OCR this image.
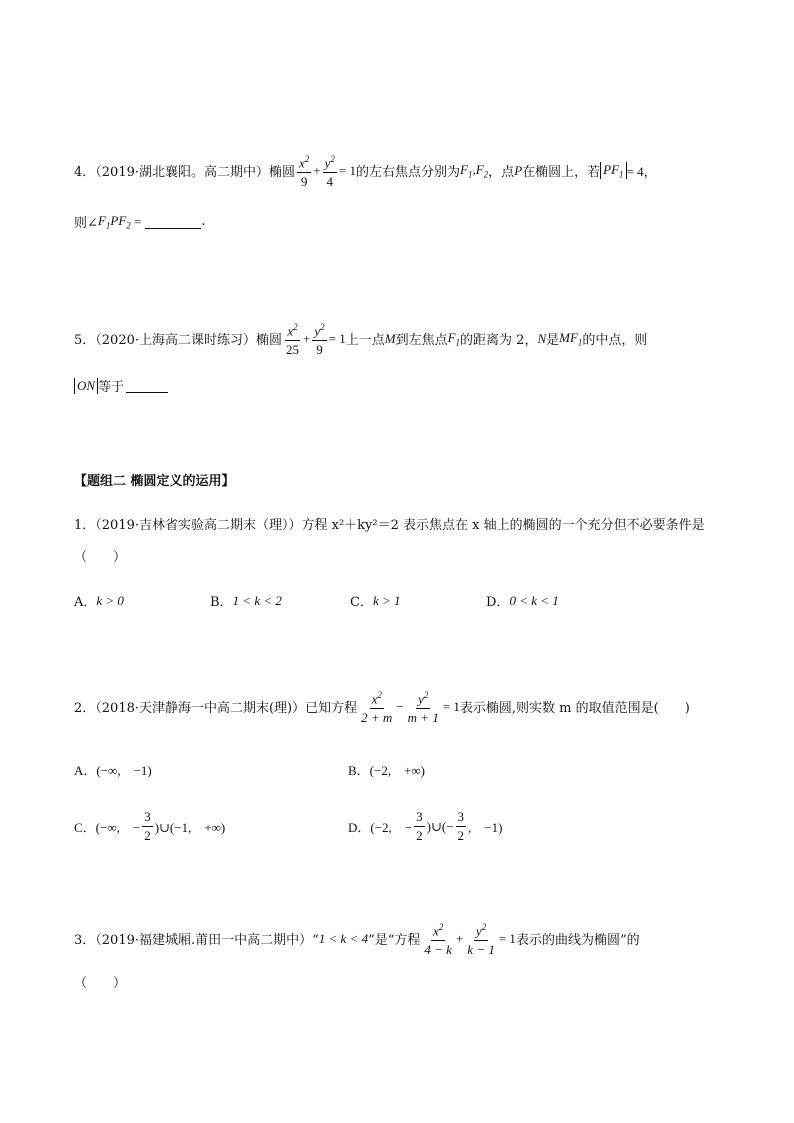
4．（2019·湖北襄阳。高二期中）椭圆 $\frac{x^2}{9} + \frac{y^2}{4} = 1$ 的左右焦点分别为 $F_1,F_2$ ，点 P 在椭圆上，若 $PF_1 = 4$，
则∠ $F_1PF_2$ =	.
5．（2020·上海高二课时练习）椭圆 $\frac{x^2}{25} + \frac{y^2}{9} = 1$ 上一点 M 到左焦点 $F_1$ 的距离为 2， N 是 $MF_1$ 的中点，则
ON 等于
【题组二 椭圆定义的运用】
1．（2019·吉林省实验高二期末（理））方程 x²＋ky²＝2 表示焦点在 x 轴上的椭圆的一个充分但不必要条件是
（　　）
A． k > 0	B． 1 < k < 2	C． k > 1	D． 0 < k < 1
2．（2018·天津静海一中高二期末(理)）已知方程 $\frac{x^2}{2 + m} - \frac{y^2}{m + 1} = 1$ 表示椭圆,则实数 m 的取值范围是(　　)
A．(−∞,　−1)	B．(−2,　+∞)
C．(−∞,　− $\frac{3}{2}$ )∪(−1,　+∞)	D．(−2,　− $\frac{3}{2}$ )∪(− $\frac{3}{2}$ ,　−1)
3．（2019·福建城厢.莆田一中高二期中）“ 1 < k < 4 ”是“方程 $\frac{x^2}{4 - k} + \frac{y^2}{k - 1} = 1$ 表示的曲线为椭圆”的
（　　）
